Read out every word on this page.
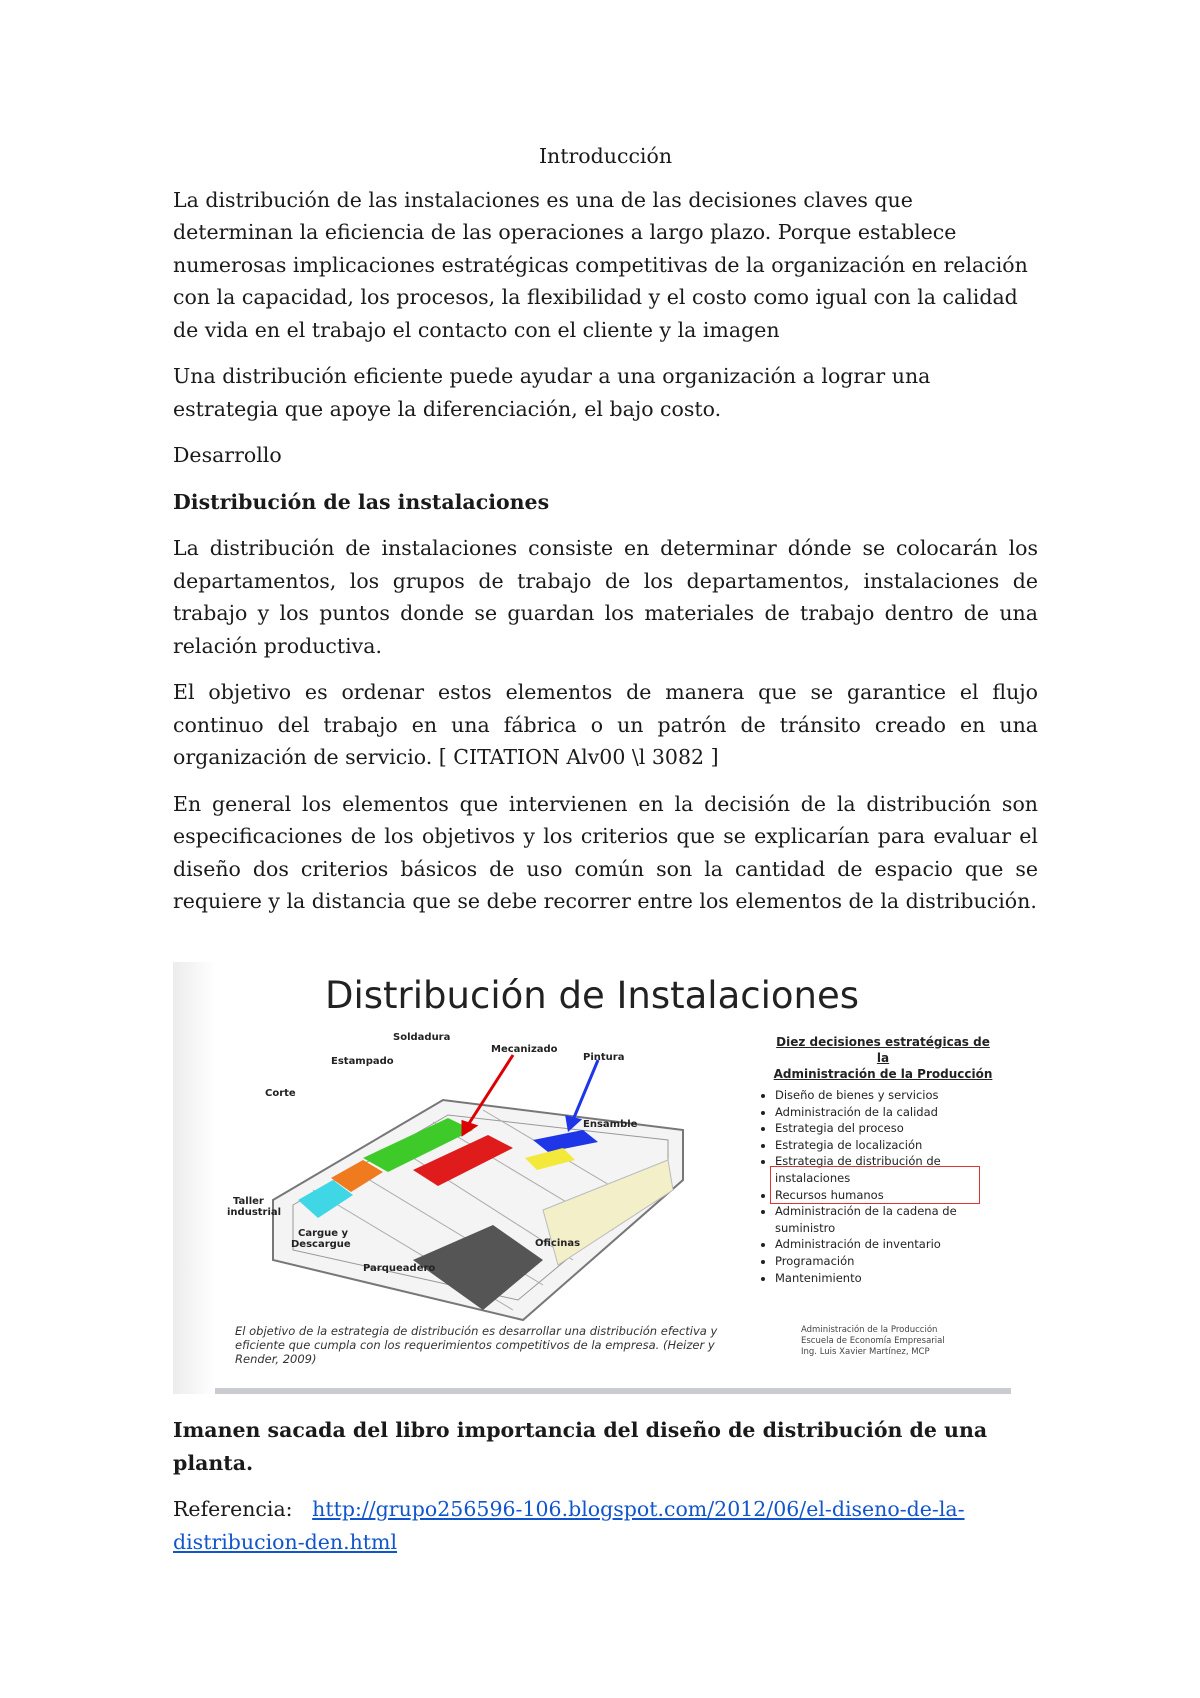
Introducción

La distribución de las instalaciones es una de las decisiones claves que determinan la eficiencia de las operaciones a largo plazo. Porque establece numerosas implicaciones estratégicas competitivas de la organización en relación con la capacidad, los procesos, la flexibilidad y el costo como igual con la calidad de vida en el trabajo el contacto con el cliente y la imagen

Una distribución eficiente puede ayudar a una organización a lograr una estrategia que apoye la diferenciación, el bajo costo.

Desarrollo

Distribución de las instalaciones

La distribución de instalaciones consiste en determinar dónde se colocarán los departamentos, los grupos de trabajo de los departamentos, instalaciones de trabajo y los puntos donde se guardan los materiales de trabajo dentro de una relación productiva.

El objetivo es ordenar estos elementos de manera que se garantice el flujo continuo del trabajo en una fábrica o un patrón de tránsito creado en una organización de servicio. [ CITATION Alv00 \l 3082 ]

En general los elementos que intervienen en la decisión de la distribución son especificaciones de los objetivos y los criterios que se explicarían para evaluar el diseño dos criterios básicos de uso común son la cantidad de espacio que se requiere y la distancia que se debe recorrer entre los elementos de la distribución.

Distribución de Instalaciones
Soldadura
Estampado
Mecanizado
Pintura
Corte
Ensamble
Taller
industrial
Cargue y
Descargue	Oficinas
Parqueadero
Diez decisiones estratégicas de la
Administración de la Producción
• Diseño de bienes y servicios
• Administración de la calidad
• Estrategia del proceso
• Estrategia de localización
• Estrategia de distribución de instalaciones
• Recursos humanos
• Administración de la cadena de suministro
• Administración de inventario
• Programación
• Mantenimiento
El objetivo de la estrategia de distribución es desarrollar una distribución efectiva y eficiente que cumpla con los requerimientos competitivos de la empresa. (Heizer y Render, 2009)
Administración de la Producción
Escuela de Economía Empresarial
Ing. Luis Xavier Martínez, MCP

Imanen sacada del libro importancia del diseño de distribución de una planta.

Referencia: http://grupo256596-106.blogspot.com/2012/06/el-diseno-de-la-
distribucion-den.html
